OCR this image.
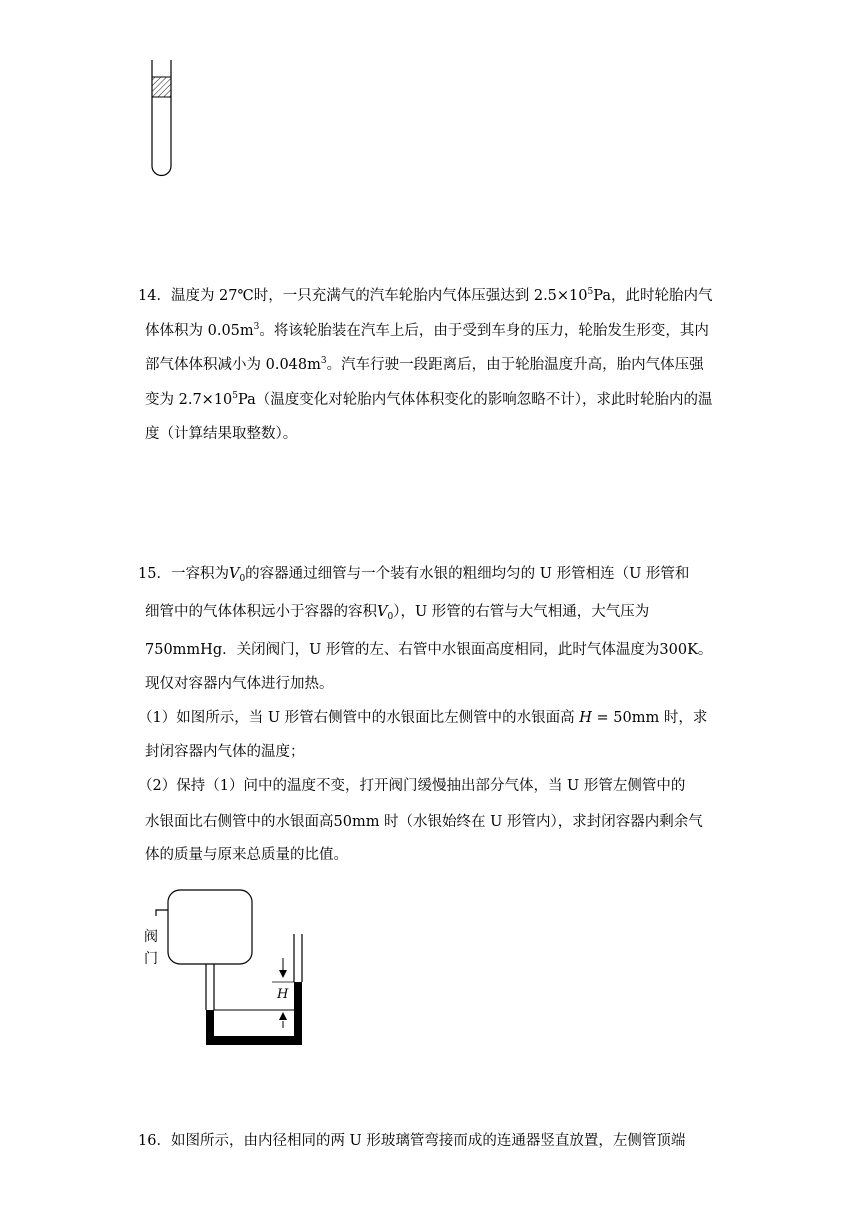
14．温度为 27℃时，一只充满气的汽车轮胎内气体压强达到 $2.5\times 10^5Pa$，此时轮胎内气
体体积为 $0.05m^3$。将该轮胎装在汽车上后，由于受到车身的压力，轮胎发生形变，其内
部气体体积减小为 $0.048m^3$。汽车行驶一段距离后，由于轮胎温度升高，胎内气体压强
变为 $2.7\times 10^5Pa$（温度变化对轮胎内气体体积变化的影响忽略不计），求此时轮胎内的温
度（计算结果取整数）。
15．一容积为$V_0$的容器通过细管与一个装有水银的粗细均匀的 U 形管相连（U 形管和
细管中的气体体积远小于容器的容积$V_0$），U 形管的右管与大气相通，大气压为
750mmHg．关闭阀门，U 形管的左、右管中水银面高度相同，此时气体温度为300K。
现仅对容器内气体进行加热。
（1）如图所示，当 U 形管右侧管中的水银面比左侧管中的水银面高 H = 50mm 时，求
封闭容器内气体的温度；
（2）保持（1）问中的温度不变，打开阀门缓慢抽出部分气体，当 U 形管左侧管中的
水银面比右侧管中的水银面高50mm 时（水银始终在 U 形管内），求封闭容器内剩余气
体的质量与原来总质量的比值。
阀门
H
16．如图所示，由内径相同的两 U 形玻璃管弯接而成的连通器竖直放置，左侧管顶端
